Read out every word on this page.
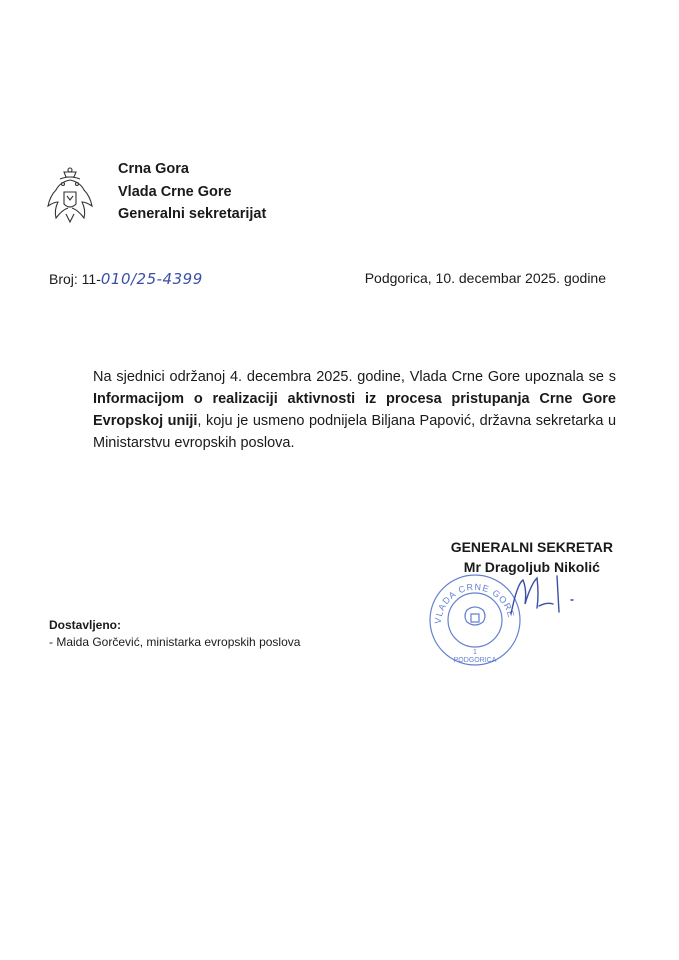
Crna Gora
Vlada Crne Gore
Generalni sekretarijat
Broj: 11-010/25-4399	Podgorica, 10. decembar 2025. godine
Na sjednici održanoj 4. decembra 2025. godine, Vlada Crne Gore upoznala se s Informacijom o realizaciji aktivnosti iz procesa pristupanja Crne Gore Evropskoj uniji, koju je usmeno podnijela Biljana Papović, državna sekretarka u Ministarstvu evropskih poslova.
GENERALNI SEKRETAR
Mr Dragoljub Nikolić
VLADA CRNE GORE
1
PODGORICA
Dostavljeno:
- Maida Gorčević, ministarka evropskih poslova
